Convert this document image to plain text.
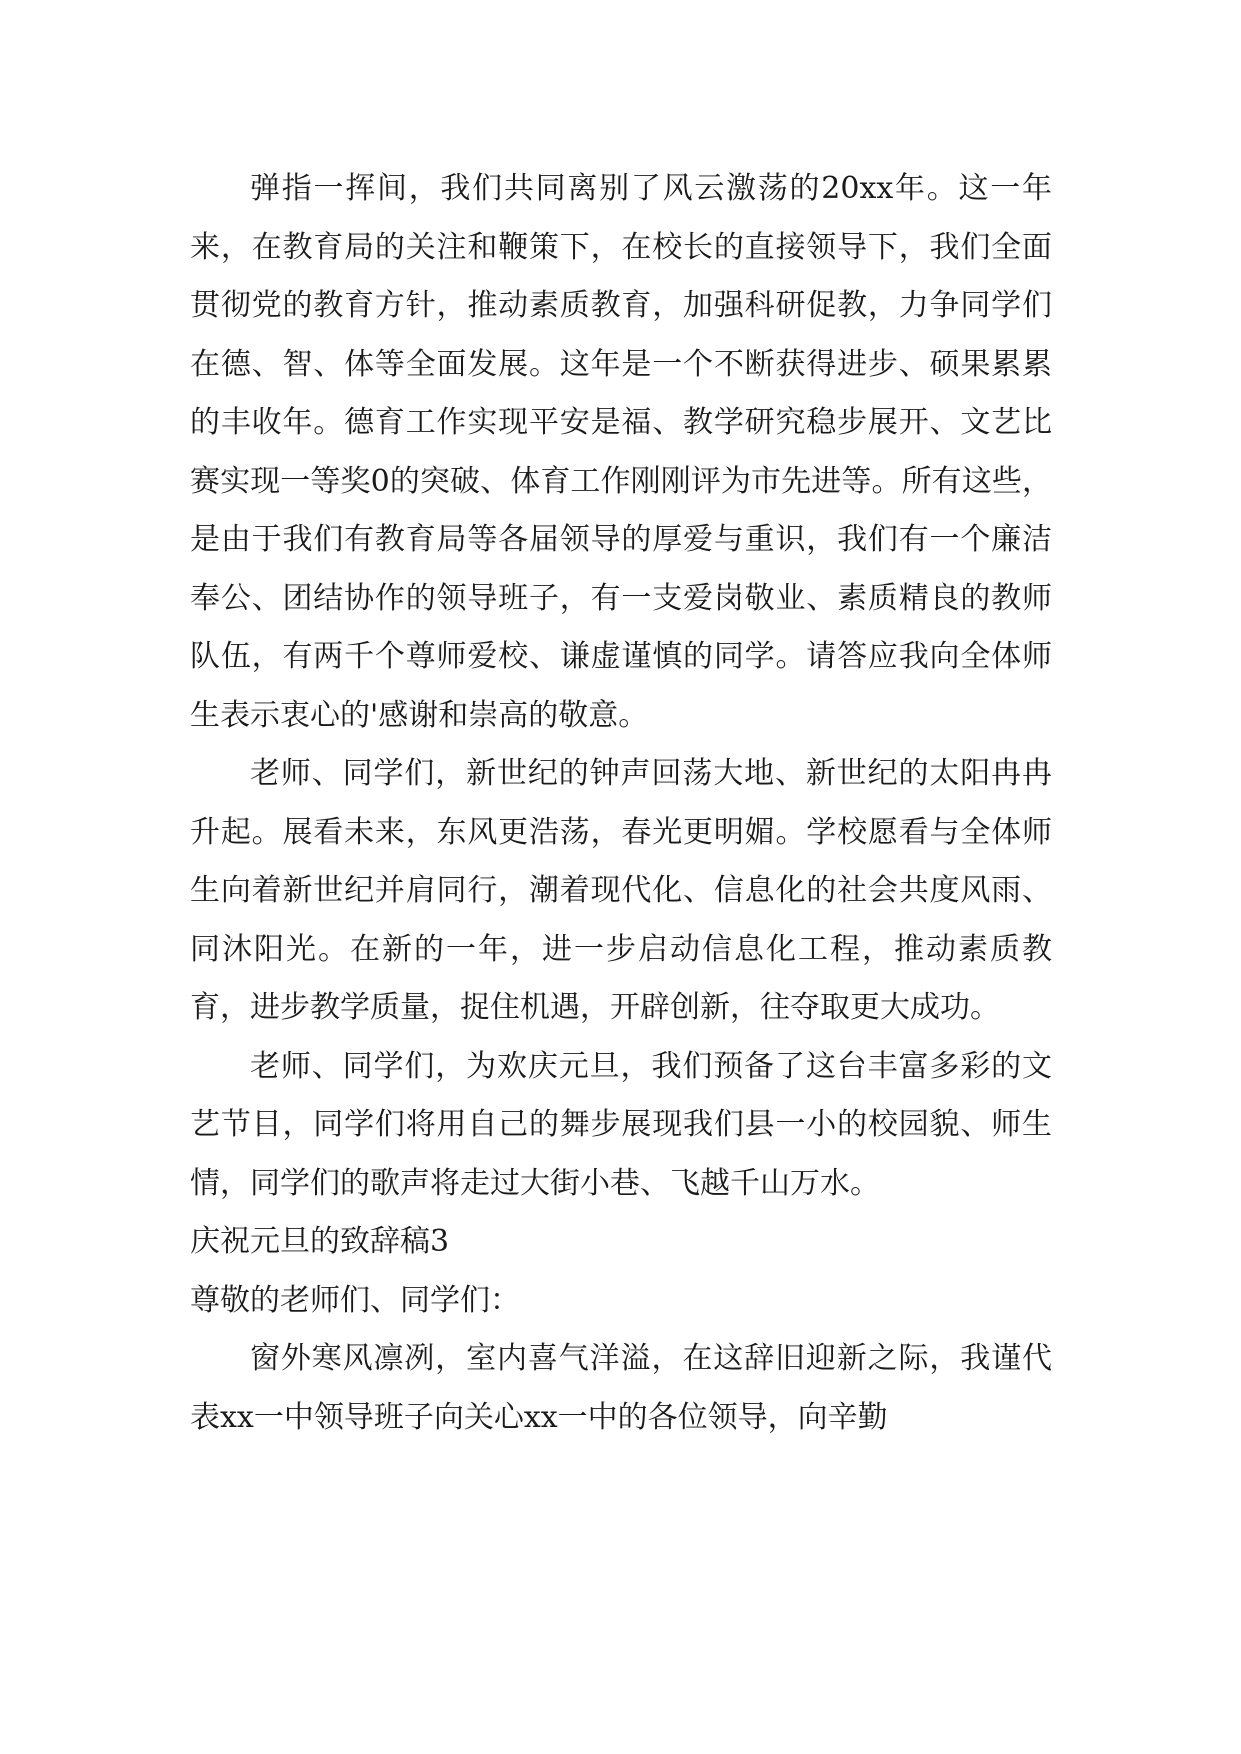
弹指一挥间，我们共同离别了风云激荡的20xx年。这一年来，在教育局的关注和鞭策下，在校长的直接领导下，我们全面贯彻党的教育方针，推动素质教育，加强科研促教，力争同学们在德、智、体等全面发展。这年是一个不断获得进步、硕果累累的丰收年。德育工作实现平安是福、教学研究稳步展开、文艺比赛实现一等奖0的突破、体育工作刚刚评为市先进等。所有这些，是由于我们有教育局等各届领导的厚爱与重识，我们有一个廉洁奉公、团结协作的领导班子，有一支爱岗敬业、素质精良的教师队伍，有两千个尊师爱校、谦虚谨慎的同学。请答应我向全体师生表示衷心的'感谢和崇高的敬意。

老师、同学们，新世纪的钟声回荡大地、新世纪的太阳冉冉升起。展看未来，东风更浩荡，春光更明媚。学校愿看与全体师生向着新世纪并肩同行，潮着现代化、信息化的社会共度风雨、同沐阳光。在新的一年，进一步启动信息化工程，推动素质教育，进步教学质量，捉住机遇，开辟创新，往夺取更大成功。

老师、同学们，为欢庆元旦，我们预备了这台丰富多彩的文艺节目，同学们将用自己的舞步展现我们县一小的校园貌、师生情，同学们的歌声将走过大街小巷、飞越千山万水。

庆祝元旦的致辞稿3

尊敬的老师们、同学们：

窗外寒风凛冽，室内喜气洋溢，在这辞旧迎新之际，我谨代表xx一中领导班子向关心xx一中的各位领导，向辛勤
